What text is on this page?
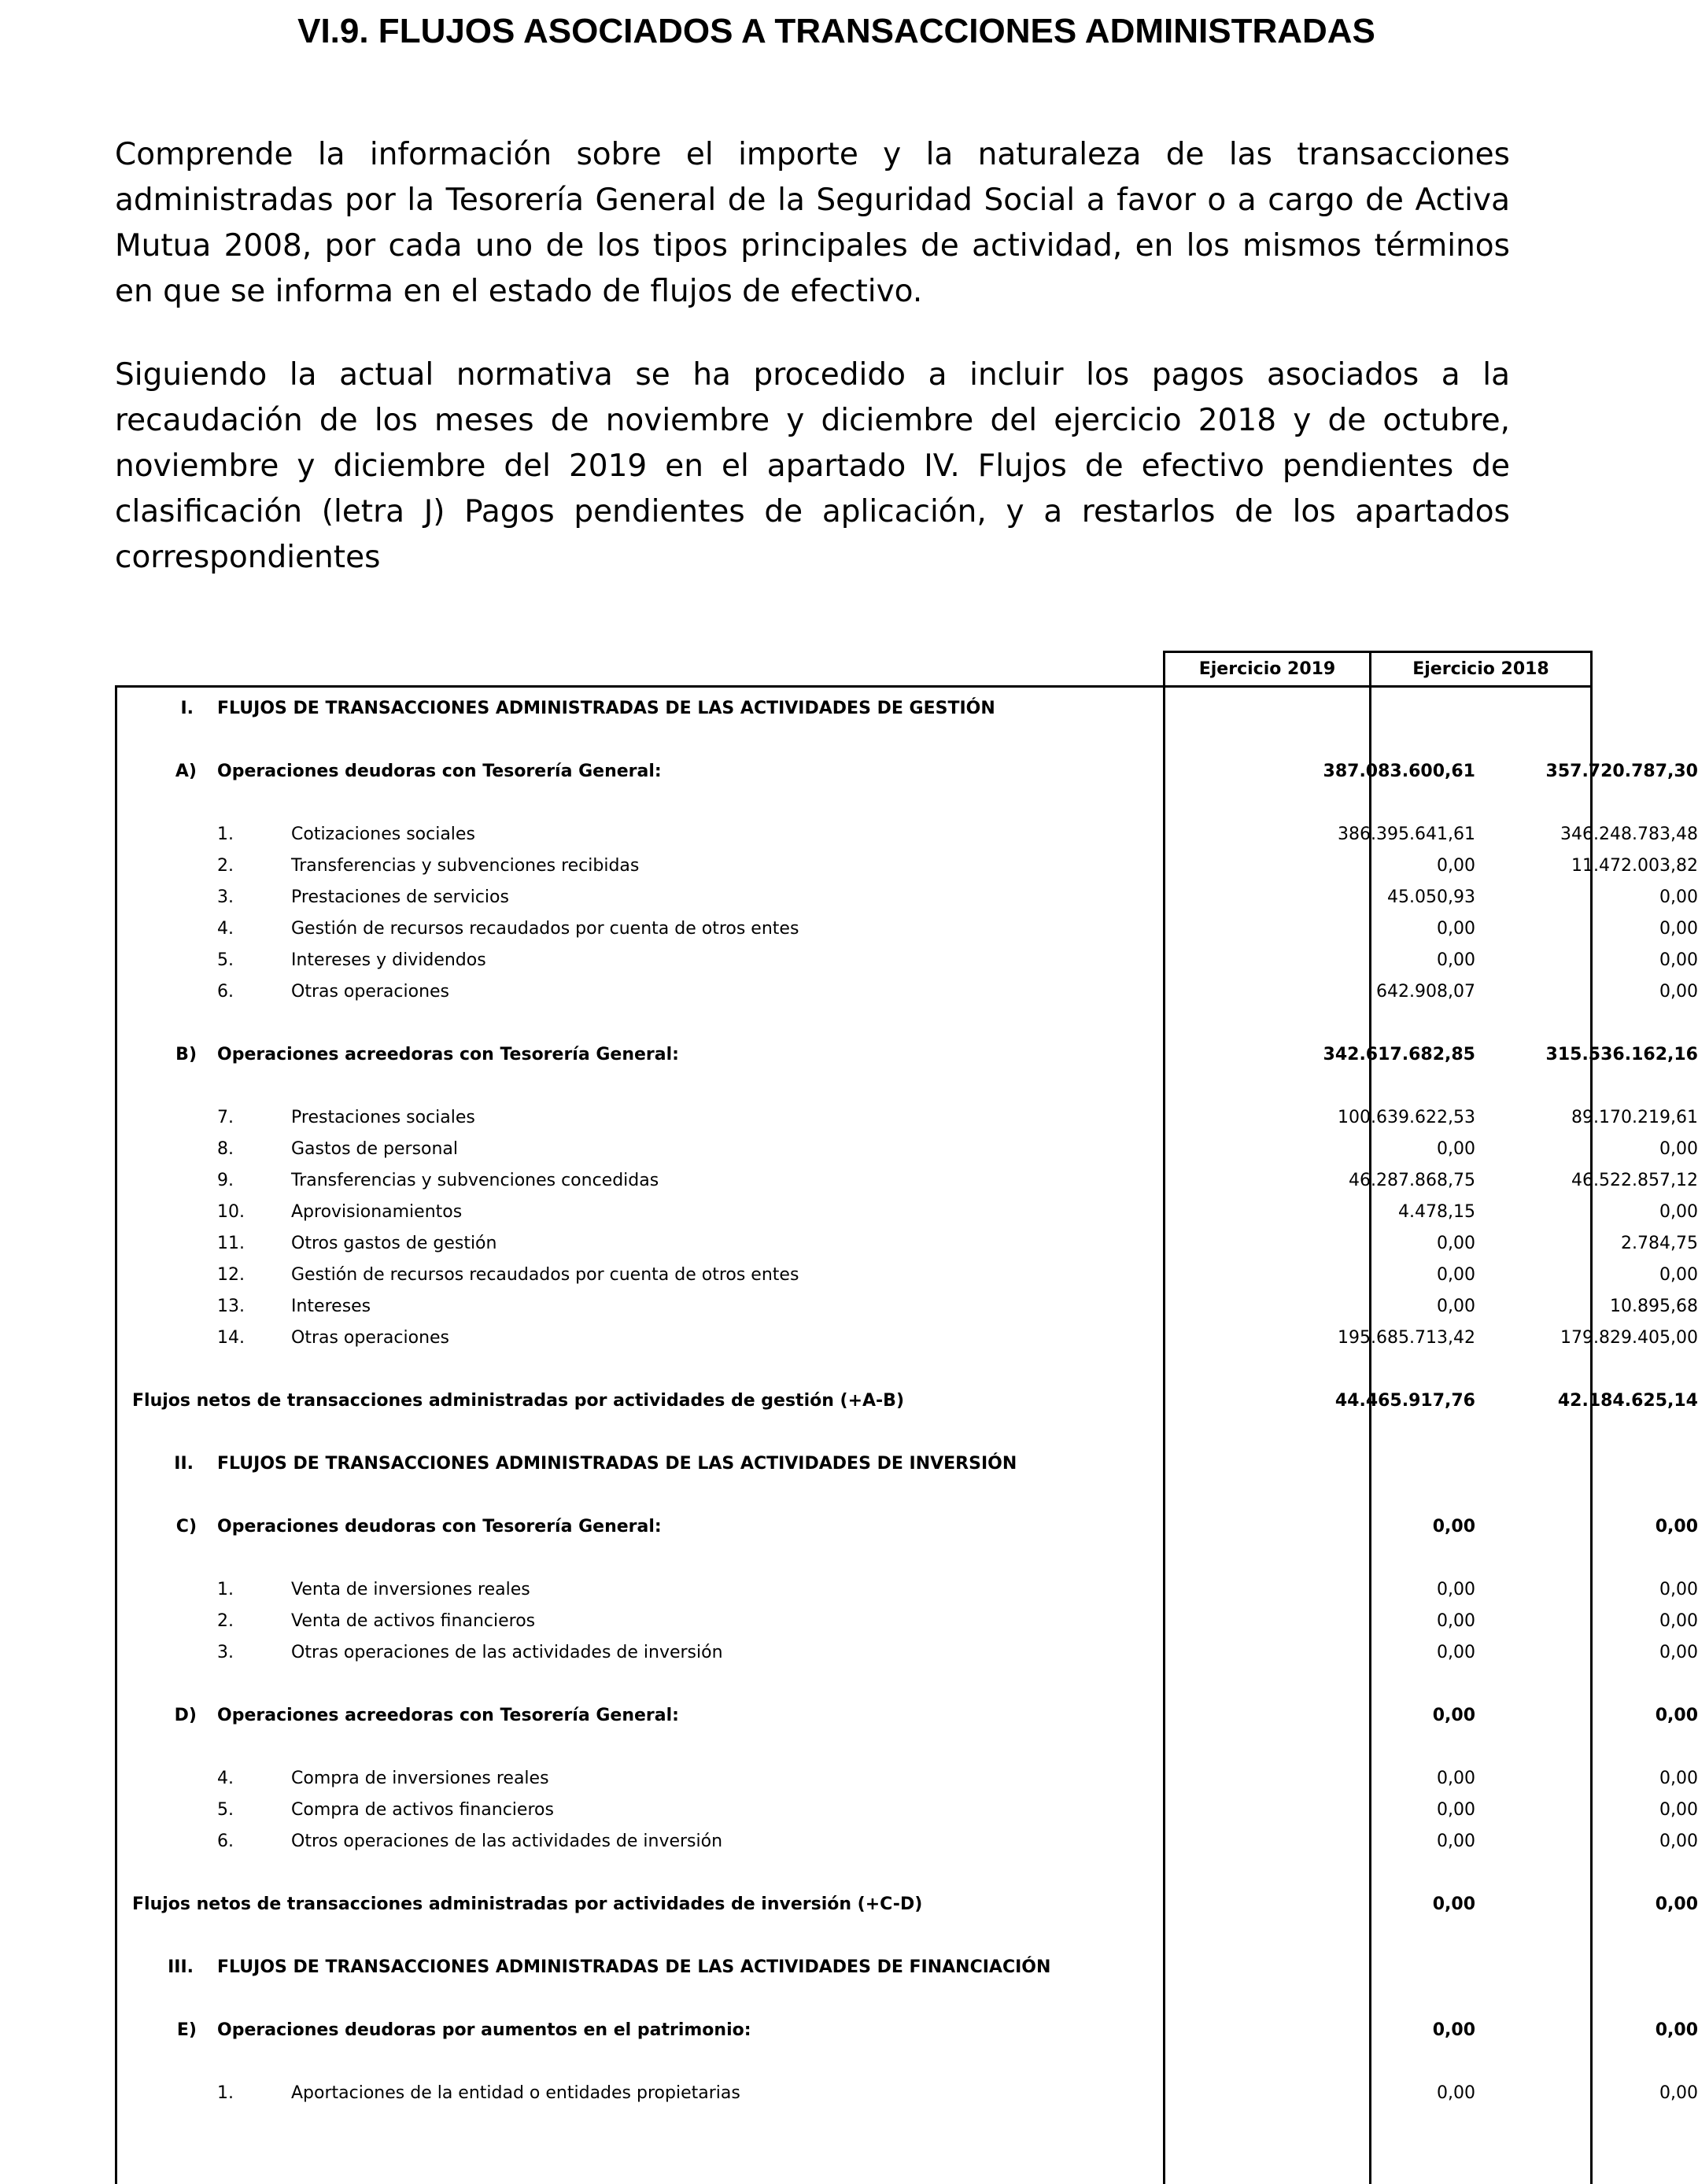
VI.9. FLUJOS ASOCIADOS A TRANSACCIONES ADMINISTRADAS

Comprende la información sobre el importe y la naturaleza de las transacciones administradas por la Tesorería General de la Seguridad Social a favor o a cargo de Activa Mutua 2008, por cada uno de los tipos principales de actividad, en los mismos términos en que se informa en el estado de flujos de efectivo.

Siguiendo la actual normativa se ha procedido a incluir los pagos asociados a la recaudación de los meses de noviembre y diciembre del ejercicio 2018 y de octubre, noviembre y diciembre del 2019 en el apartado IV. Flujos de efectivo pendientes de clasificación (letra J) Pagos pendientes de aplicación, y a restarlos de los apartados correspondientes

Ejercicio 2019	Ejercicio 2018
I. FLUJOS DE TRANSACCIONES ADMINISTRADAS DE LAS ACTIVIDADES DE GESTIÓN
A) Operaciones deudoras con Tesorería General:	387.083.600,61	357.720.787,30
1.	Cotizaciones sociales	386.395.641,61	346.248.783,48
2.	Transferencias y subvenciones recibidas	0,00	11.472.003,82
3.	Prestaciones de servicios	45.050,93	0,00
4.	Gestión de recursos recaudados por cuenta de otros entes	0,00	0,00
5.	Intereses y dividendos	0,00	0,00
6.	Otras operaciones	642.908,07	0,00
B) Operaciones acreedoras con Tesorería General:	342.617.682,85	315.536.162,16
7.	Prestaciones sociales	100.639.622,53	89.170.219,61
8.	Gastos de personal	0,00	0,00
9.	Transferencias y subvenciones concedidas	46.287.868,75	46.522.857,12
10.	Aprovisionamientos	4.478,15	0,00
11.	Otros gastos de gestión	0,00	2.784,75
12.	Gestión de recursos recaudados por cuenta de otros entes	0,00	0,00
13.	Intereses	0,00	10.895,68
14.	Otras operaciones	195.685.713,42	179.829.405,00
Flujos netos de transacciones administradas por actividades de gestión (+A-B)	44.465.917,76	42.184.625,14
II. FLUJOS DE TRANSACCIONES ADMINISTRADAS DE LAS ACTIVIDADES DE INVERSIÓN
C) Operaciones deudoras con Tesorería General:	0,00	0,00
1.	Venta de inversiones reales	0,00	0,00
2.	Venta de activos financieros	0,00	0,00
3.	Otras operaciones de las actividades de inversión	0,00	0,00
D) Operaciones acreedoras con Tesorería General:	0,00	0,00
4.	Compra de inversiones reales	0,00	0,00
5.	Compra de activos financieros	0,00	0,00
6.	Otros operaciones de las actividades de inversión	0,00	0,00
Flujos netos de transacciones administradas por actividades de inversión (+C-D)	0,00	0,00
III. FLUJOS DE TRANSACCIONES ADMINISTRADAS DE LAS ACTIVIDADES DE FINANCIACIÓN
E) Operaciones deudoras por aumentos en el patrimonio:	0,00	0,00
1.	Aportaciones de la entidad o entidades propietarias	0,00	0,00
